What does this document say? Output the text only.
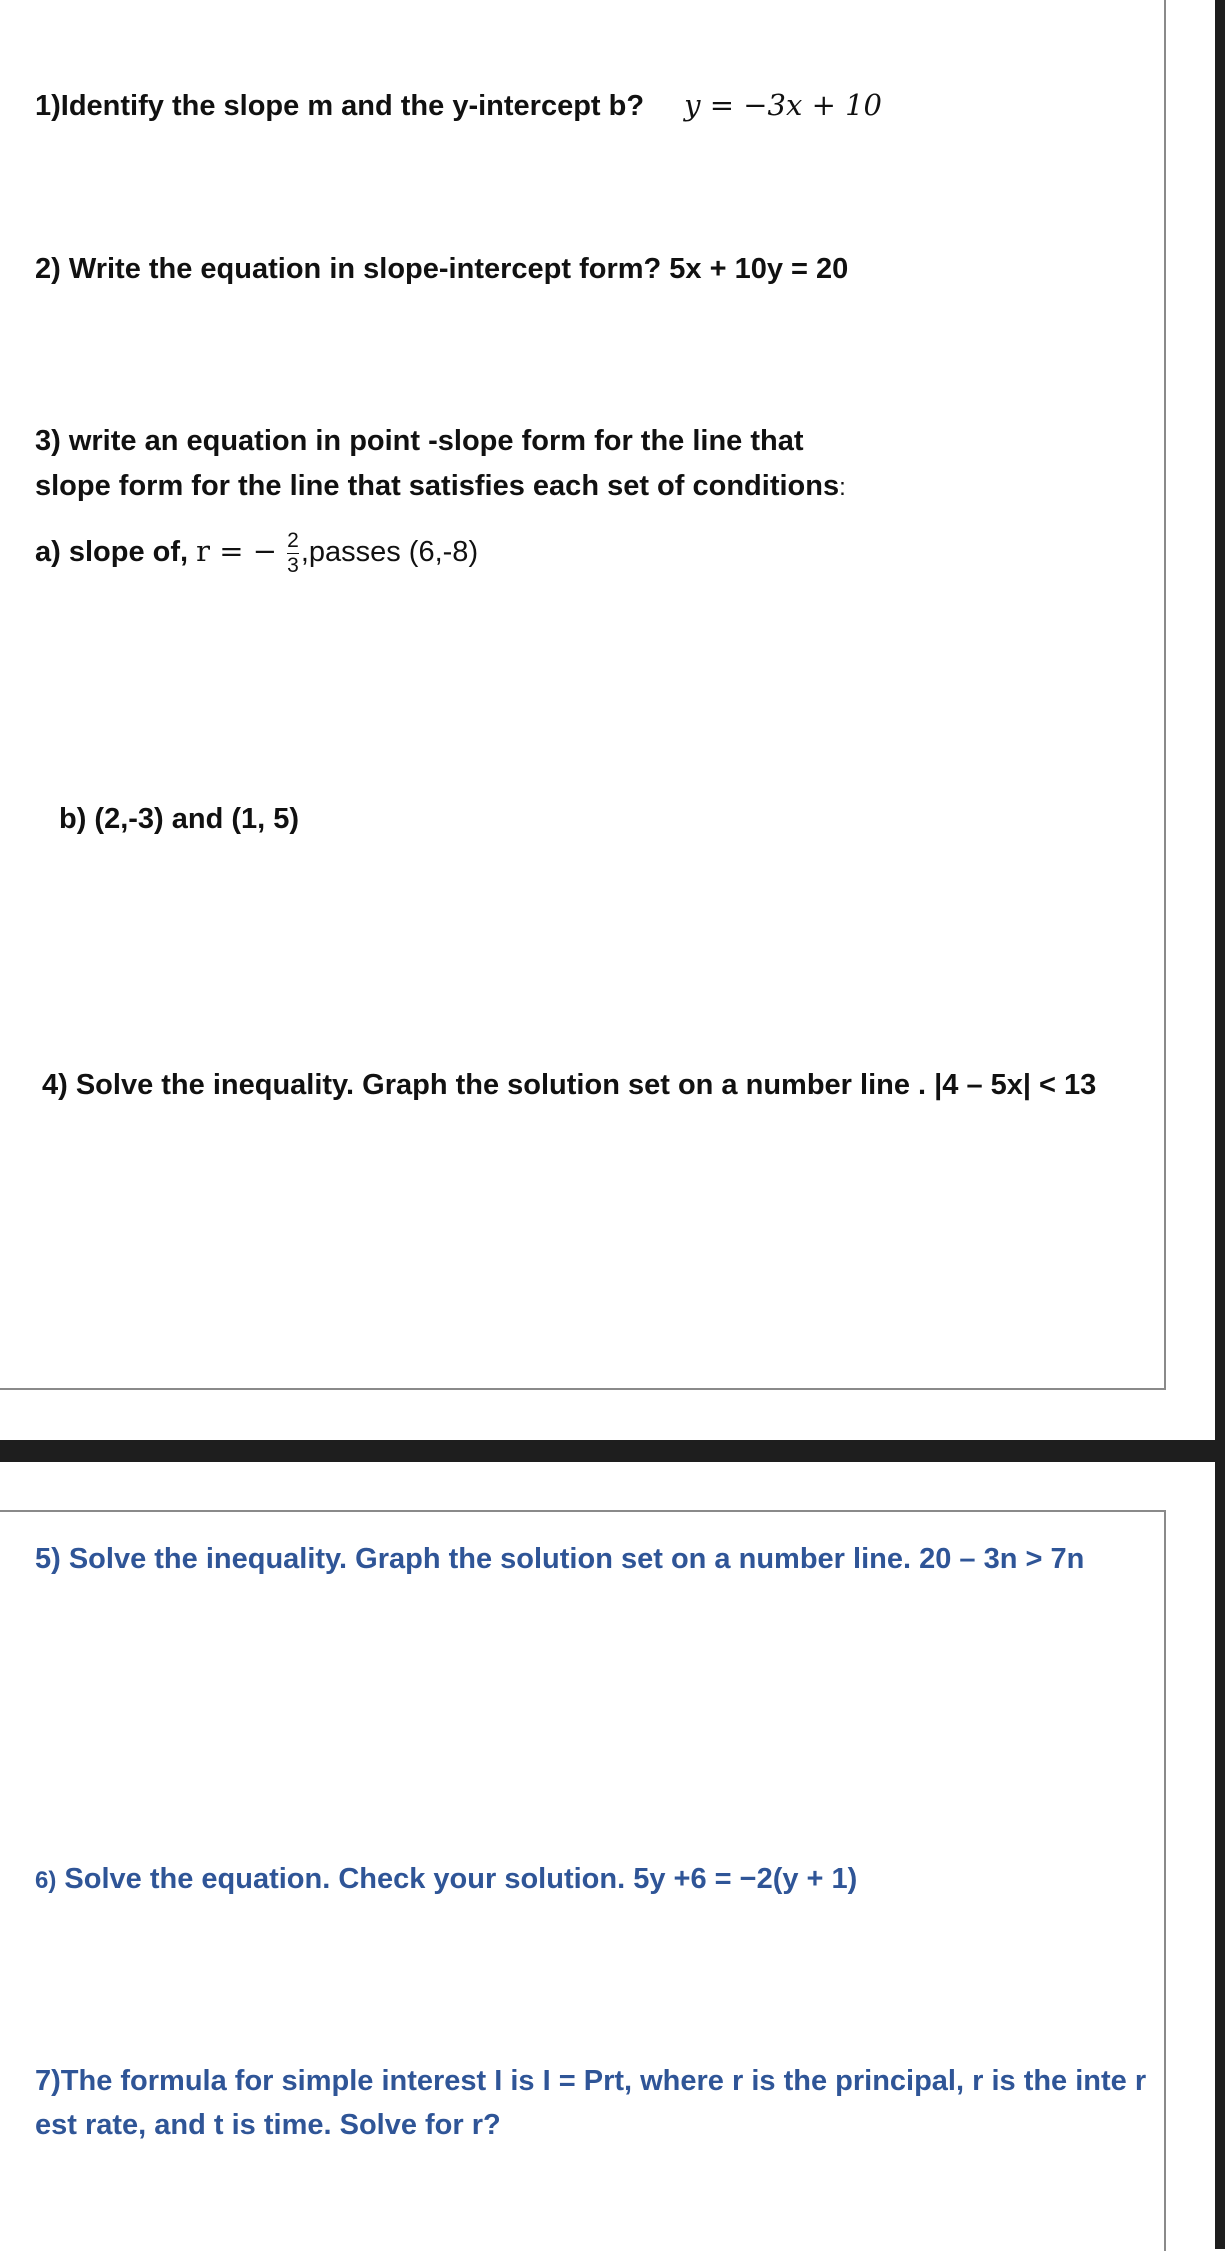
1)Identify the slope m and the y-intercept b? y = −3x + 10

2) Write the equation in slope-intercept form? 5x + 10y = 20

3) write an equation in point -slope form for the line that

slope form for the line that satisfies each set of conditions:

a) slope of, r = − $\frac{2}{3}$ ,passes (6,-8)

b) (2,-3) and (1, 5)

4) Solve the inequality. Graph the solution set on a number line . |4 – 5x| < 13

5) Solve the inequality. Graph the solution set on a number line. 20 – 3n > 7n

6) Solve the equation. Check your solution. 5y +6 = −2(y + 1)

7)The formula for simple interest I is I = Prt, where r is the principal, r is the inte rest rate, and t is time. Solve for r?
